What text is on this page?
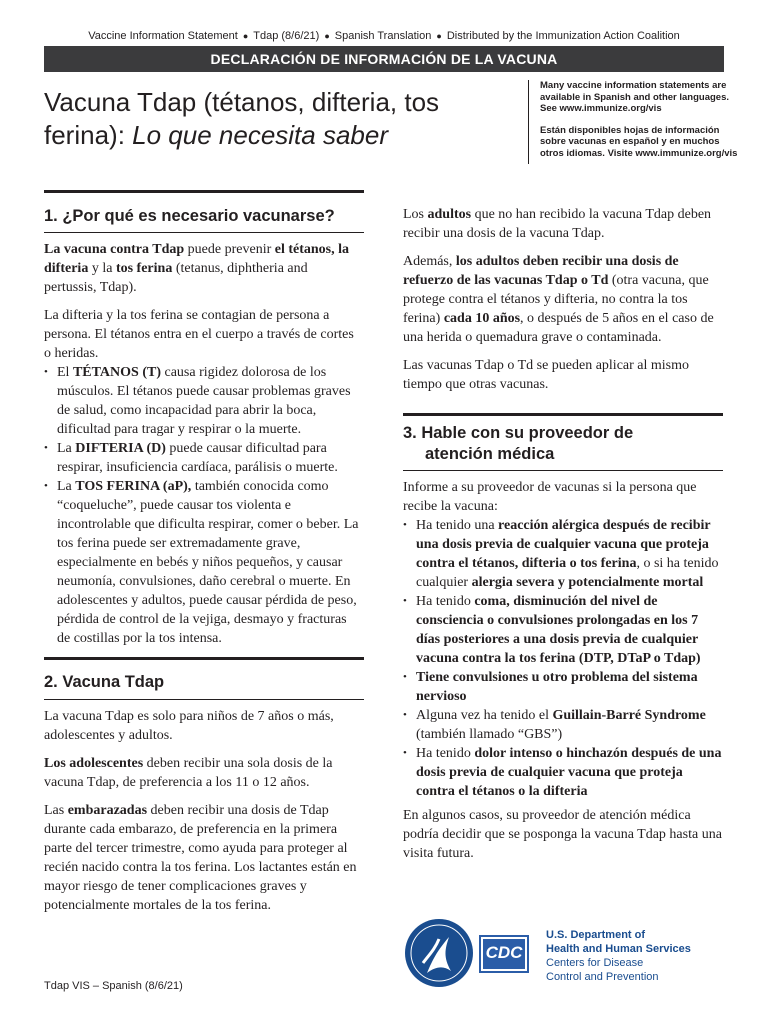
Vaccine Information Statement ● Tdap (8/6/21) ● Spanish Translation ● Distributed by the Immunization Action Coalition
DECLARACIÓN DE INFORMACIÓN DE LA VACUNA
Vacuna Tdap (tétanos, difteria, tos ferina): Lo que necesita saber

Many vaccine information statements are available in Spanish and other languages. See www.immunize.org/vis

Están disponibles hojas de información sobre vacunas en español y en muchos otros idiomas. Visite www.immunize.org/vis

1. ¿Por qué es necesario vacunarse?

La vacuna contra Tdap puede prevenir el tétanos, la difteria y la tos ferina (tetanus, diphtheria and pertussis, Tdap).

La difteria y la tos ferina se contagian de persona a persona. El tétanos entra en el cuerpo a través de cortes o heridas.

• El TÉTANOS (T) causa rigidez dolorosa de los músculos. El tétanos puede causar problemas graves de salud, como incapacidad para abrir la boca, dificultad para tragar y respirar o la muerte.
• La DIFTERIA (D) puede causar dificultad para respirar, insuficiencia cardíaca, parálisis o muerte.
• La TOS FERINA (aP), también conocida como “coqueluche”, puede causar tos violenta e incontrolable que dificulta respirar, comer o beber. La tos ferina puede ser extremadamente grave, especialmente en bebés y niños pequeños, y causar neumonía, convulsiones, daño cerebral o muerte. En adolescentes y adultos, puede causar pérdida de peso, pérdida de control de la vejiga, desmayo y fracturas de costillas por la tos intensa.
2. Vacuna Tdap

La vacuna Tdap es solo para niños de 7 años o más, adolescentes y adultos.

Los adolescentes deben recibir una sola dosis de la vacuna Tdap, de preferencia a los 11 o 12 años.

Las embarazadas deben recibir una dosis de Tdap durante cada embarazo, de preferencia en la primera parte del tercer trimestre, como ayuda para proteger al recién nacido contra la tos ferina. Los lactantes están en mayor riesgo de tener complicaciones graves y potencialmente mortales de la tos ferina.

Los adultos que no han recibido la vacuna Tdap deben recibir una dosis de la vacuna Tdap.

Además, los adultos deben recibir una dosis de refuerzo de las vacunas Tdap o Td (otra vacuna, que protege contra el tétanos y difteria, no contra la tos ferina) cada 10 años, o después de 5 años en el caso de una herida o quemadura grave o contaminada.

Las vacunas Tdap o Td se pueden aplicar al mismo tiempo que otras vacunas.

3. Hable con su proveedor de
atención médica

Informe a su proveedor de vacunas si la persona que recibe la vacuna:

• Ha tenido una reacción alérgica después de recibir una dosis previa de cualquier vacuna que proteja contra el tétanos, difteria o tos ferina, o si ha tenido cualquier alergia severa y potencialmente mortal
• Ha tenido coma, disminución del nivel de consciencia o convulsiones prolongadas en los 7 días posteriores a una dosis previa de cualquier vacuna contra la tos ferina (DTP, DTaP o Tdap)
• Tiene convulsiones u otro problema del sistema nervioso
• Alguna vez ha tenido el Guillain-Barré Syndrome (también llamado “GBS”)
• Ha tenido dolor intenso o hinchazón después de una dosis previa de cualquier vacuna que proteja contra el tétanos o la difteria

En algunos casos, su proveedor de atención médica podría decidir que se posponga la vacuna Tdap hasta una visita futura.

Tdap VIS – Spanish (8/6/21)
CDC
U.S. Department of
Health and Human Services
Centers for Disease
Control and Prevention
